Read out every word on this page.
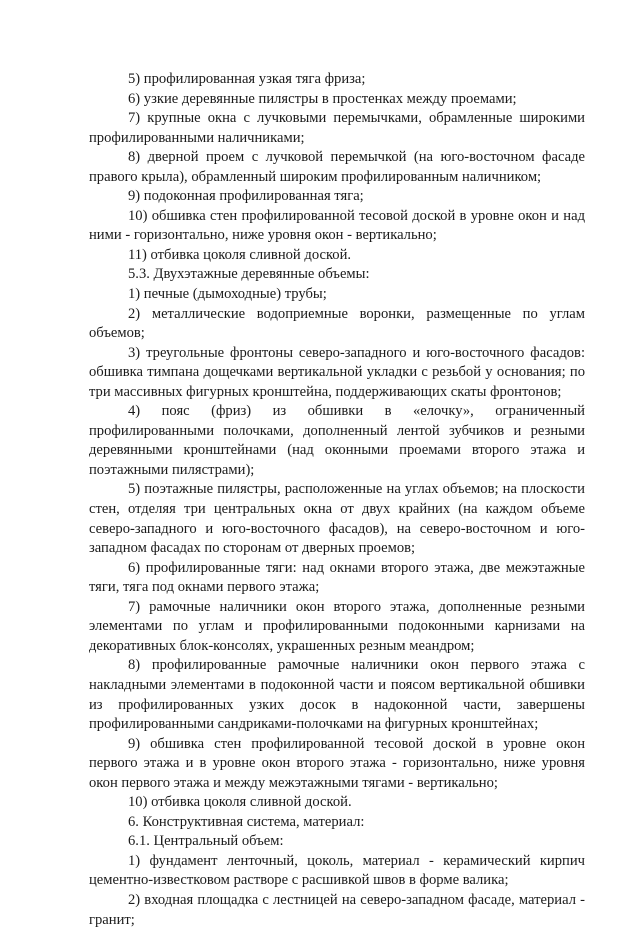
5) профилированная узкая тяга фриза;

6) узкие деревянные пилястры в простенках между проемами;

7) крупные окна с лучковыми перемычками, обрамленные широкими профилированными наличниками;

8) дверной проем с лучковой перемычкой (на юго-восточном фасаде правого крыла), обрамленный широким профилированным наличником;

9) подоконная профилированная тяга;

10) обшивка стен профилированной тесовой доской в уровне окон и над ними - горизонтально, ниже уровня окон - вертикально;

11) отбивка цоколя сливной доской.

5.3. Двухэтажные деревянные объемы:

1) печные (дымоходные) трубы;

2) металлические водоприемные воронки, размещенные по углам объемов;

3) треугольные фронтоны северо-западного и юго-восточного фасадов: обшивка тимпана дощечками вертикальной укладки с резьбой у основания; по три массивных фигурных кронштейна, поддерживающих скаты фронтонов;

4) пояс (фриз) из обшивки в «елочку», ограниченный профилированными полочками, дополненный лентой зубчиков и резными деревянными кронштейнами (над оконными проемами второго этажа и поэтажными пилястрами);

5) поэтажные пилястры, расположенные на углах объемов; на плоскости стен, отделяя три центральных окна от двух крайних (на каждом объеме северо-западного и юго-восточного фасадов), на северо-восточном и юго-западном фасадах по сторонам от дверных проемов;

6) профилированные тяги: над окнами второго этажа, две межэтажные тяги, тяга под окнами первого этажа;

7) рамочные наличники окон второго этажа, дополненные резными элементами по углам и профилированными подоконными карнизами на декоративных блок-консолях, украшенных резным меандром;

8) профилированные рамочные наличники окон первого этажа с накладными элементами в подоконной части и поясом вертикальной обшивки из профилированных узких досок в надоконной части, завершены профилированными сандриками-полочками на фигурных кронштейнах;

9) обшивка стен профилированной тесовой доской в уровне окон первого этажа и в уровне окон второго этажа - горизонтально, ниже уровня окон первого этажа и между межэтажными тягами - вертикально;

10) отбивка цоколя сливной доской.

6. Конструктивная система, материал:

6.1. Центральный объем:

1) фундамент ленточный, цоколь, материал - керамический кирпич цементно-известковом растворе с расшивкой швов в форме валика;

2) входная площадка с лестницей на северо-западном фасаде, материал - гранит;
